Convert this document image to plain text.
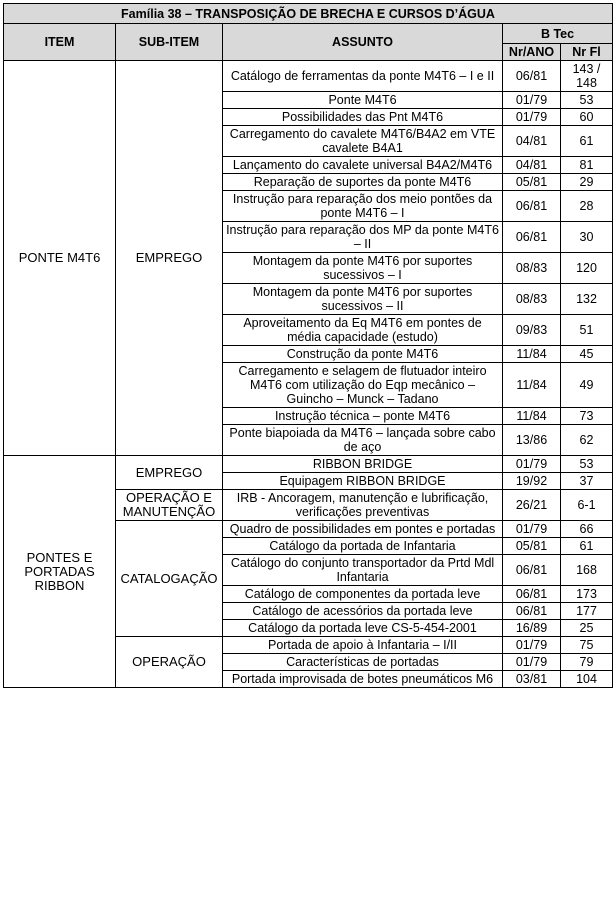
Família 38 – TRANSPOSIÇÃO DE BRECHA E CURSOS D’ÁGUA				
ITEM	SUB-ITEM	ASSUNTO	B Tec	
			Nr/ANO	Nr Fl
PONTE M4T6	EMPREGO	Catálogo de ferramentas da ponte M4T6 – I e II	06/81	143 / 148
		Ponte M4T6	01/79	53
		Possibilidades das Pnt M4T6	01/79	60
		Carregamento do cavalete M4T6/B4A2 em VTE cavalete B4A1	04/81	61
		Lançamento do cavalete universal B4A2/M4T6	04/81	81
		Reparação de suportes da ponte M4T6	05/81	29
		Instrução para reparação dos meio pontões da ponte M4T6 – I	06/81	28
		Instrução para reparação dos MP da ponte M4T6 – II	06/81	30
		Montagem da ponte M4T6 por suportes sucessivos – I	08/83	120
		Montagem da ponte M4T6 por suportes sucessivos – II	08/83	132
		Aproveitamento da Eq M4T6 em pontes de média capacidade (estudo)	09/83	51
		Construção da ponte M4T6	11/84	45
		Carregamento e selagem de flutuador inteiro M4T6 com utilização do Eqp mecânico – Guincho – Munck – Tadano	11/84	49
		Instrução técnica – ponte M4T6	11/84	73
		Ponte biapoiada da M4T6 – lançada sobre cabo de aço	13/86	62
PONTES E PORTADAS RIBBON	EMPREGO	RIBBON BRIDGE	01/79	53
		Equipagem RIBBON BRIDGE	19/92	37
	OPERAÇÃO E MANUTENÇÃO	IRB - Ancoragem, manutenção e lubrificação, verificações preventivas	26/21	6-1
	CATALOGAÇÃO	Quadro de possibilidades em pontes e portadas	01/79	66
		Catálogo da portada de Infantaria	05/81	61
		Catálogo do conjunto transportador da Prtd Mdl Infantaria	06/81	168
		Catálogo de componentes da portada leve	06/81	173
		Catálogo de acessórios da portada leve	06/81	177
		Catálogo da portada leve CS-5-454-2001	16/89	25
	OPERAÇÃO	Portada de apoio à Infantaria – I/II	01/79	75
		Características de portadas	01/79	79
		Portada improvisada de botes pneumáticos M6	03/81	104
